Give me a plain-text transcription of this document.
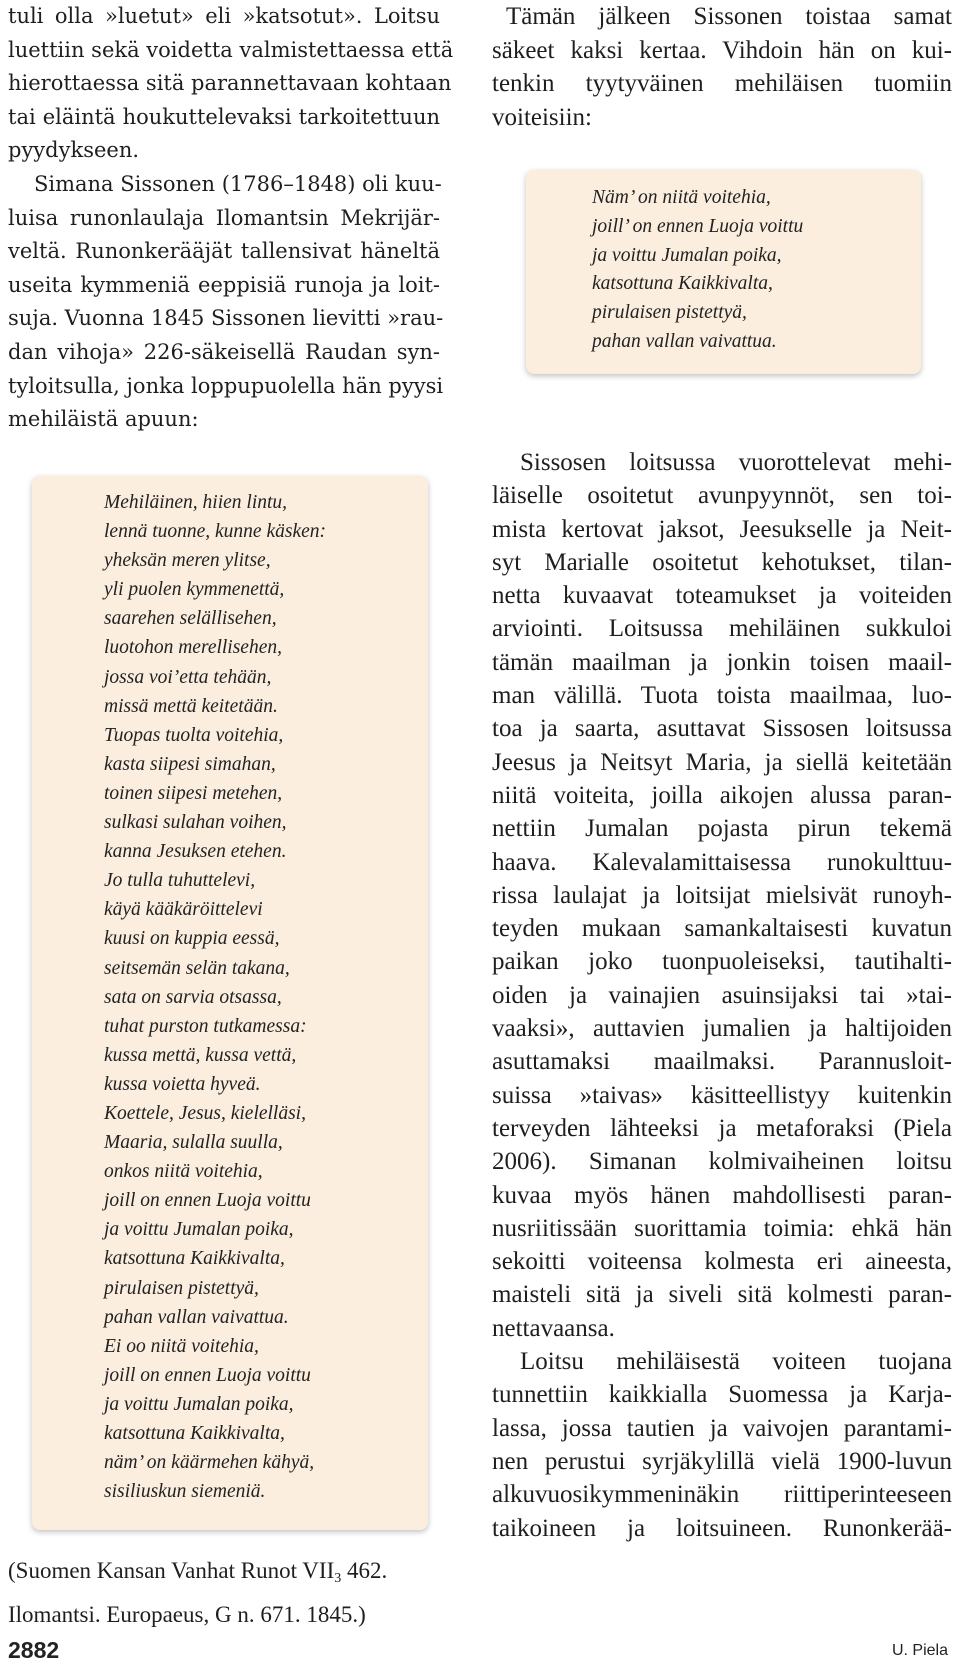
tuli olla »luetut» eli »katsotut». Loitsu
luettiin sekä voidetta valmistettaessa että
hierottaessa sitä parannettavaan kohtaan
tai eläintä houkuttelevaksi tarkoitettuun
pyydykseen.

Simana Sissonen (1786–1848) oli kuu-
luisa runonlaulaja Ilomantsin Mekrijär-
veltä. Runonkerääjät tallensivat häneltä
useita kymmeniä eeppisiä runoja ja loit-
suja. Vuonna 1845 Sissonen lievitti »rau-
dan vihoja» 226-säkeisellä Raudan syn-
tyloitsulla, jonka loppupuolella hän pyysi
mehiläistä apuun:

Mehiläinen, hiien lintu,
lennä tuonne, kunne käsken:
yheksän meren ylitse,
yli puolen kymmenettä,
saarehen selällisehen,
luotohon merellisehen,
jossa voi’etta tehään,
missä mettä keitetään.
Tuopas tuolta voitehia,
kasta siipesi simahan,
toinen siipesi metehen,
sulkasi sulahan voihen,
kanna Jesuksen etehen.
Jo tulla tuhuttelevi,
käyä kääkäröittelevi
kuusi on kuppia eessä,
seitsemän selän takana,
sata on sarvia otsassa,
tuhat purston tutkamessa:
kussa mettä, kussa vettä,
kussa voietta hyveä.
Koettele, Jesus, kielelläsi,
Maaria, sulalla suulla,
onkos niitä voitehia,
joill on ennen Luoja voittu
ja voittu Jumalan poika,
katsottuna Kaikkivalta,
pirulaisen pistettyä,
pahan vallan vaivattua.
Ei oo niitä voitehia,
joill on ennen Luoja voittu
ja voittu Jumalan poika,
katsottuna Kaikkivalta,
näm’ on käärmehen kähyä,
sisiliuskun siemeniä.
(Suomen Kansan Vanhat Runot $VII_3$ 462.
Ilomantsi. Europaeus, G n. 671. 1845.)

Tämän jälkeen Sissonen toistaa samat
säkeet kaksi kertaa. Vihdoin hän on kui-
tenkin tyytyväinen mehiläisen tuomiin
voiteisiin:

Näm’ on niitä voitehia,
joill’ on ennen Luoja voittu
ja voittu Jumalan poika,
katsottuna Kaikkivalta,
pirulaisen pistettyä,
pahan vallan vaivattua.

Sissosen loitsussa vuorottelevat mehi-
läiselle osoitetut avunpyynnöt, sen toi-
mista kertovat jaksot, Jeesukselle ja Neit-
syt Marialle osoitetut kehotukset, tilan-
netta kuvaavat toteamukset ja voiteiden
arviointi. Loitsussa mehiläinen sukkuloi
tämän maailman ja jonkin toisen maail-
man välillä. Tuota toista maailmaa, luo-
toa ja saarta, asuttavat Sissosen loitsussa
Jeesus ja Neitsyt Maria, ja siellä keitetään
niitä voiteita, joilla aikojen alussa paran-
nettiin Jumalan pojasta pirun tekemä
haava. Kalevalamittaisessa runokulttuu-
rissa laulajat ja loitsijat mielsivät runoyh-
teyden mukaan samankaltaisesti kuvatun
paikan joko tuonpuoleiseksi, tautihalti-
oiden ja vainajien asuinsijaksi tai »tai-
vaaksi», auttavien jumalien ja haltijoiden
asuttamaksi maailmaksi. Parannusloit-
suissa »taivas» käsitteellistyy kuitenkin
terveyden lähteeksi ja metaforaksi (Piela
2006). Simanan kolmivaiheinen loitsu
kuvaa myös hänen mahdollisesti paran-
nusriitissään suorittamia toimia: ehkä hän
sekoitti voiteensa kolmesta eri aineesta,
maisteli sitä ja siveli sitä kolmesti paran-
nettavaansa.

Loitsu mehiläisestä voiteen tuojana
tunnettiin kaikkialla Suomessa ja Karja-
lassa, jossa tautien ja vaivojen parantami-
nen perustui syrjäkylillä vielä 1900-luvun
alkuvuosikymmeninäkin riittiperinteeseen
taikoineen ja loitsuineen. Runonkerää-

2882	U. Piela
